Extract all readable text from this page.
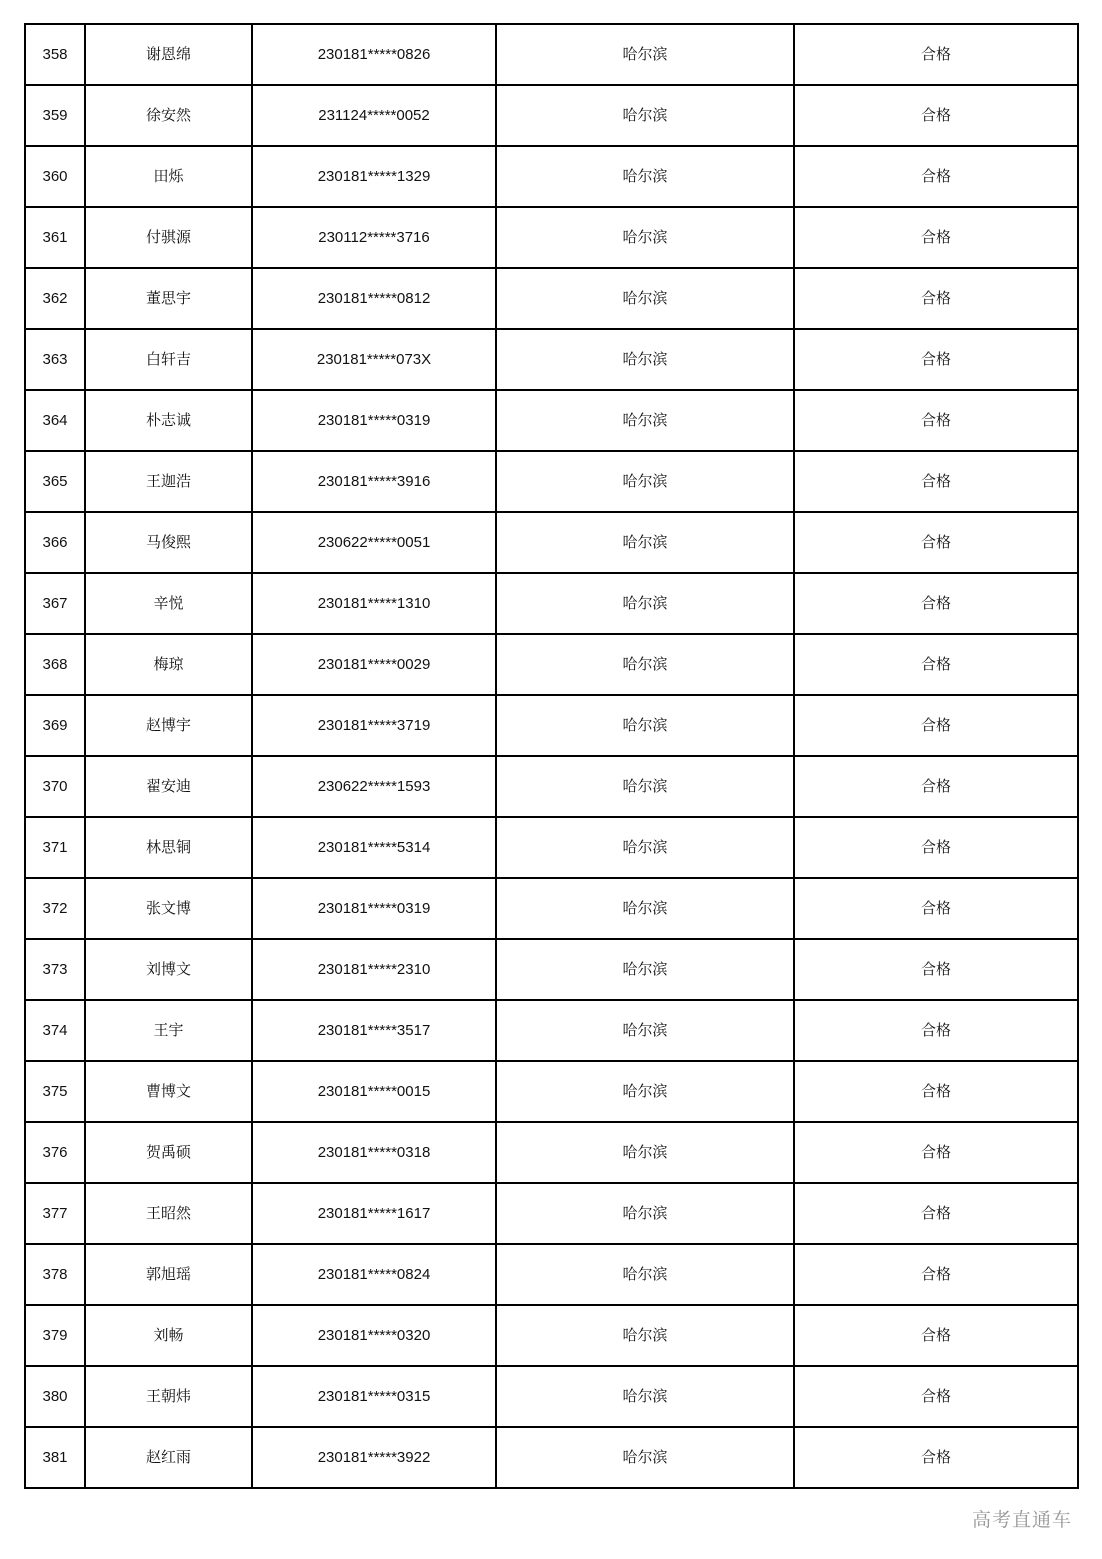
358	谢恩绵	230181*****0826	哈尔滨	合格
359	徐安然	231124*****0052	哈尔滨	合格
360	田烁	230181*****1329	哈尔滨	合格
361	付骐源	230112*****3716	哈尔滨	合格
362	董思宇	230181*****0812	哈尔滨	合格
363	白轩吉	230181*****073X	哈尔滨	合格
364	朴志诚	230181*****0319	哈尔滨	合格
365	王迦浩	230181*****3916	哈尔滨	合格
366	马俊熙	230622*****0051	哈尔滨	合格
367	辛悦	230181*****1310	哈尔滨	合格
368	梅琼	230181*****0029	哈尔滨	合格
369	赵博宇	230181*****3719	哈尔滨	合格
370	翟安迪	230622*****1593	哈尔滨	合格
371	林思铜	230181*****5314	哈尔滨	合格
372	张文博	230181*****0319	哈尔滨	合格
373	刘博文	230181*****2310	哈尔滨	合格
374	王宇	230181*****3517	哈尔滨	合格
375	曹博文	230181*****0015	哈尔滨	合格
376	贺禹硕	230181*****0318	哈尔滨	合格
377	王昭然	230181*****1617	哈尔滨	合格
378	郭旭瑶	230181*****0824	哈尔滨	合格
379	刘畅	230181*****0320	哈尔滨	合格
380	王朝炜	230181*****0315	哈尔滨	合格
381	赵红雨	230181*****3922	哈尔滨	合格
高考直通车
